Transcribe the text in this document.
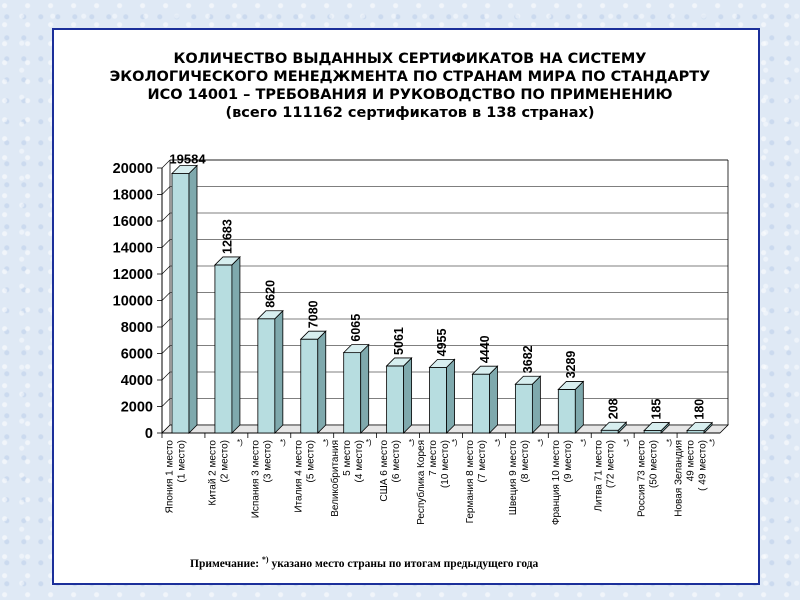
КОЛИЧЕСТВО ВЫДАННЫХ СЕРТИФИКАТОВ НА СИСТЕМУ
ЭКОЛОГИЧЕСКОГО МЕНЕДЖМЕНТА ПО СТРАНАМ МИРА ПО СТАНДАРТУ
ИСО 14001 – ТРЕБОВАНИЯ И РУКОВОДСТВО ПО ПРИМЕНЕНИЮ
(всего 111162 сертификатов в 138 странах)
0
2000
4000
6000
8000
10000
12000
14000
16000
18000
20000
19584
Япония 1 место (1 место)
12683
Китай 2 место (2 место) *)
8620
Испания 3 место (3 место) *)
7080
Италия 4 место (5 место) *)
6065
Великобритания 5 место (4 место) *)
5061
США 6 место (6 место) *)
4955
Республика Корея 7 место (10 место) *)
4440
Германия 8 место (7 место) *)
3682
Швеция 9 место (8 место) *)
3289
Франция 10 место (9 место) *)
208
Литва 71 место (72 место) *)
185
Россия 73 место (50 место) *)
180
Новая Зеландия 49 место ( 49 место) *)
Примечание: *) указано место страны по итогам предыдущего года
